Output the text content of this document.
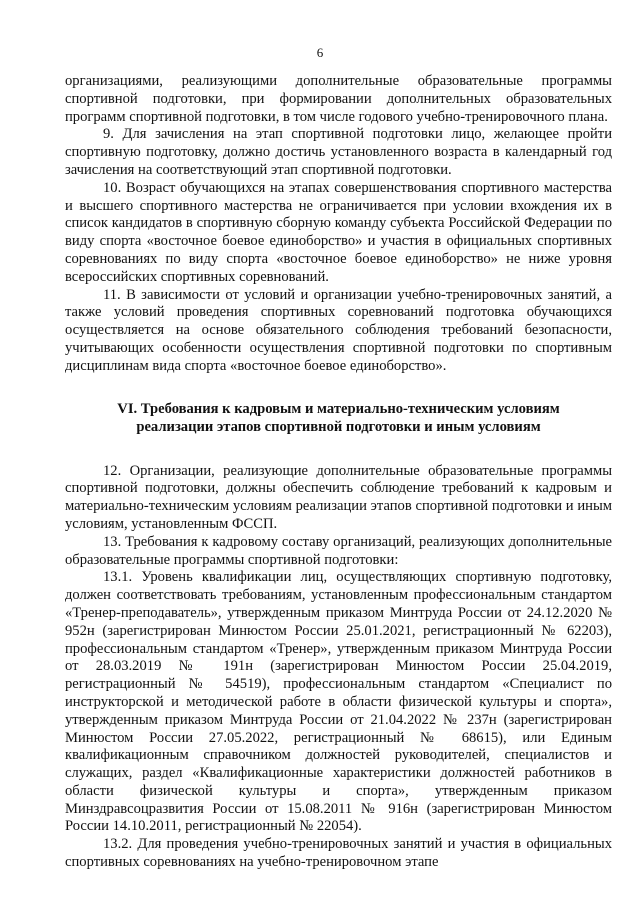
6

организациями, реализующими дополнительные образовательные программы спортивной подготовки, при формировании дополнительных образовательных программ спортивной подготовки, в том числе годового учебно-тренировочного плана.

9. Для зачисления на этап спортивной подготовки лицо, желающее пройти спортивную подготовку, должно достичь установленного возраста в календарный год зачисления на соответствующий этап спортивной подготовки.

10. Возраст обучающихся на этапах совершенствования спортивного мастерства и высшего спортивного мастерства не ограничивается при условии вхождения их в список кандидатов в спортивную сборную команду субъекта Российской Федерации по виду спорта «восточное боевое единоборство» и участия в официальных спортивных соревнованиях по виду спорта «восточное боевое единоборство» не ниже уровня всероссийских спортивных соревнований.

11. В зависимости от условий и организации учебно-тренировочных занятий, а также условий проведения спортивных соревнований подготовка обучающихся осуществляется на основе обязательного соблюдения требований безопасности, учитывающих особенности осуществления спортивной подготовки по спортивным дисциплинам вида спорта «восточное боевое единоборство».

VI. Требования к кадровым и материально-техническим условиям
реализации этапов спортивной подготовки и иным условиям

12. Организации, реализующие дополнительные образовательные программы спортивной подготовки, должны обеспечить соблюдение требований к кадровым и материально-техническим условиям реализации этапов спортивной подготовки и иным условиям, установленным ФССП.

13. Требования к кадровому составу организаций, реализующих дополнительные образовательные программы спортивной подготовки:

13.1. Уровень квалификации лиц, осуществляющих спортивную подготовку, должен соответствовать требованиям, установленным профессиональным стандартом «Тренер-преподаватель», утвержденным приказом Минтруда России от 24.12.2020 № 952н (зарегистрирован Минюстом России 25.01.2021, регистрационный № 62203), профессиональным стандартом «Тренер», утвержденным приказом Минтруда России от 28.03.2019 № 191н (зарегистрирован Минюстом России 25.04.2019, регистрационный № 54519), профессиональным стандартом «Специалист по инструкторской и методической работе в области физической культуры и спорта», утвержденным приказом Минтруда России от 21.04.2022 № 237н (зарегистрирован Минюстом России 27.05.2022, регистрационный № 68615), или Единым квалификационным справочником должностей руководителей, специалистов и служащих, раздел «Квалификационные характеристики должностей работников в области физической культуры и спорта», утвержденным приказом Минздравсоцразвития России от 15.08.2011 № 916н (зарегистрирован Минюстом России 14.10.2011, регистрационный № 22054).

13.2. Для проведения учебно-тренировочных занятий и участия в официальных спортивных соревнованиях на учебно-тренировочном этапе
